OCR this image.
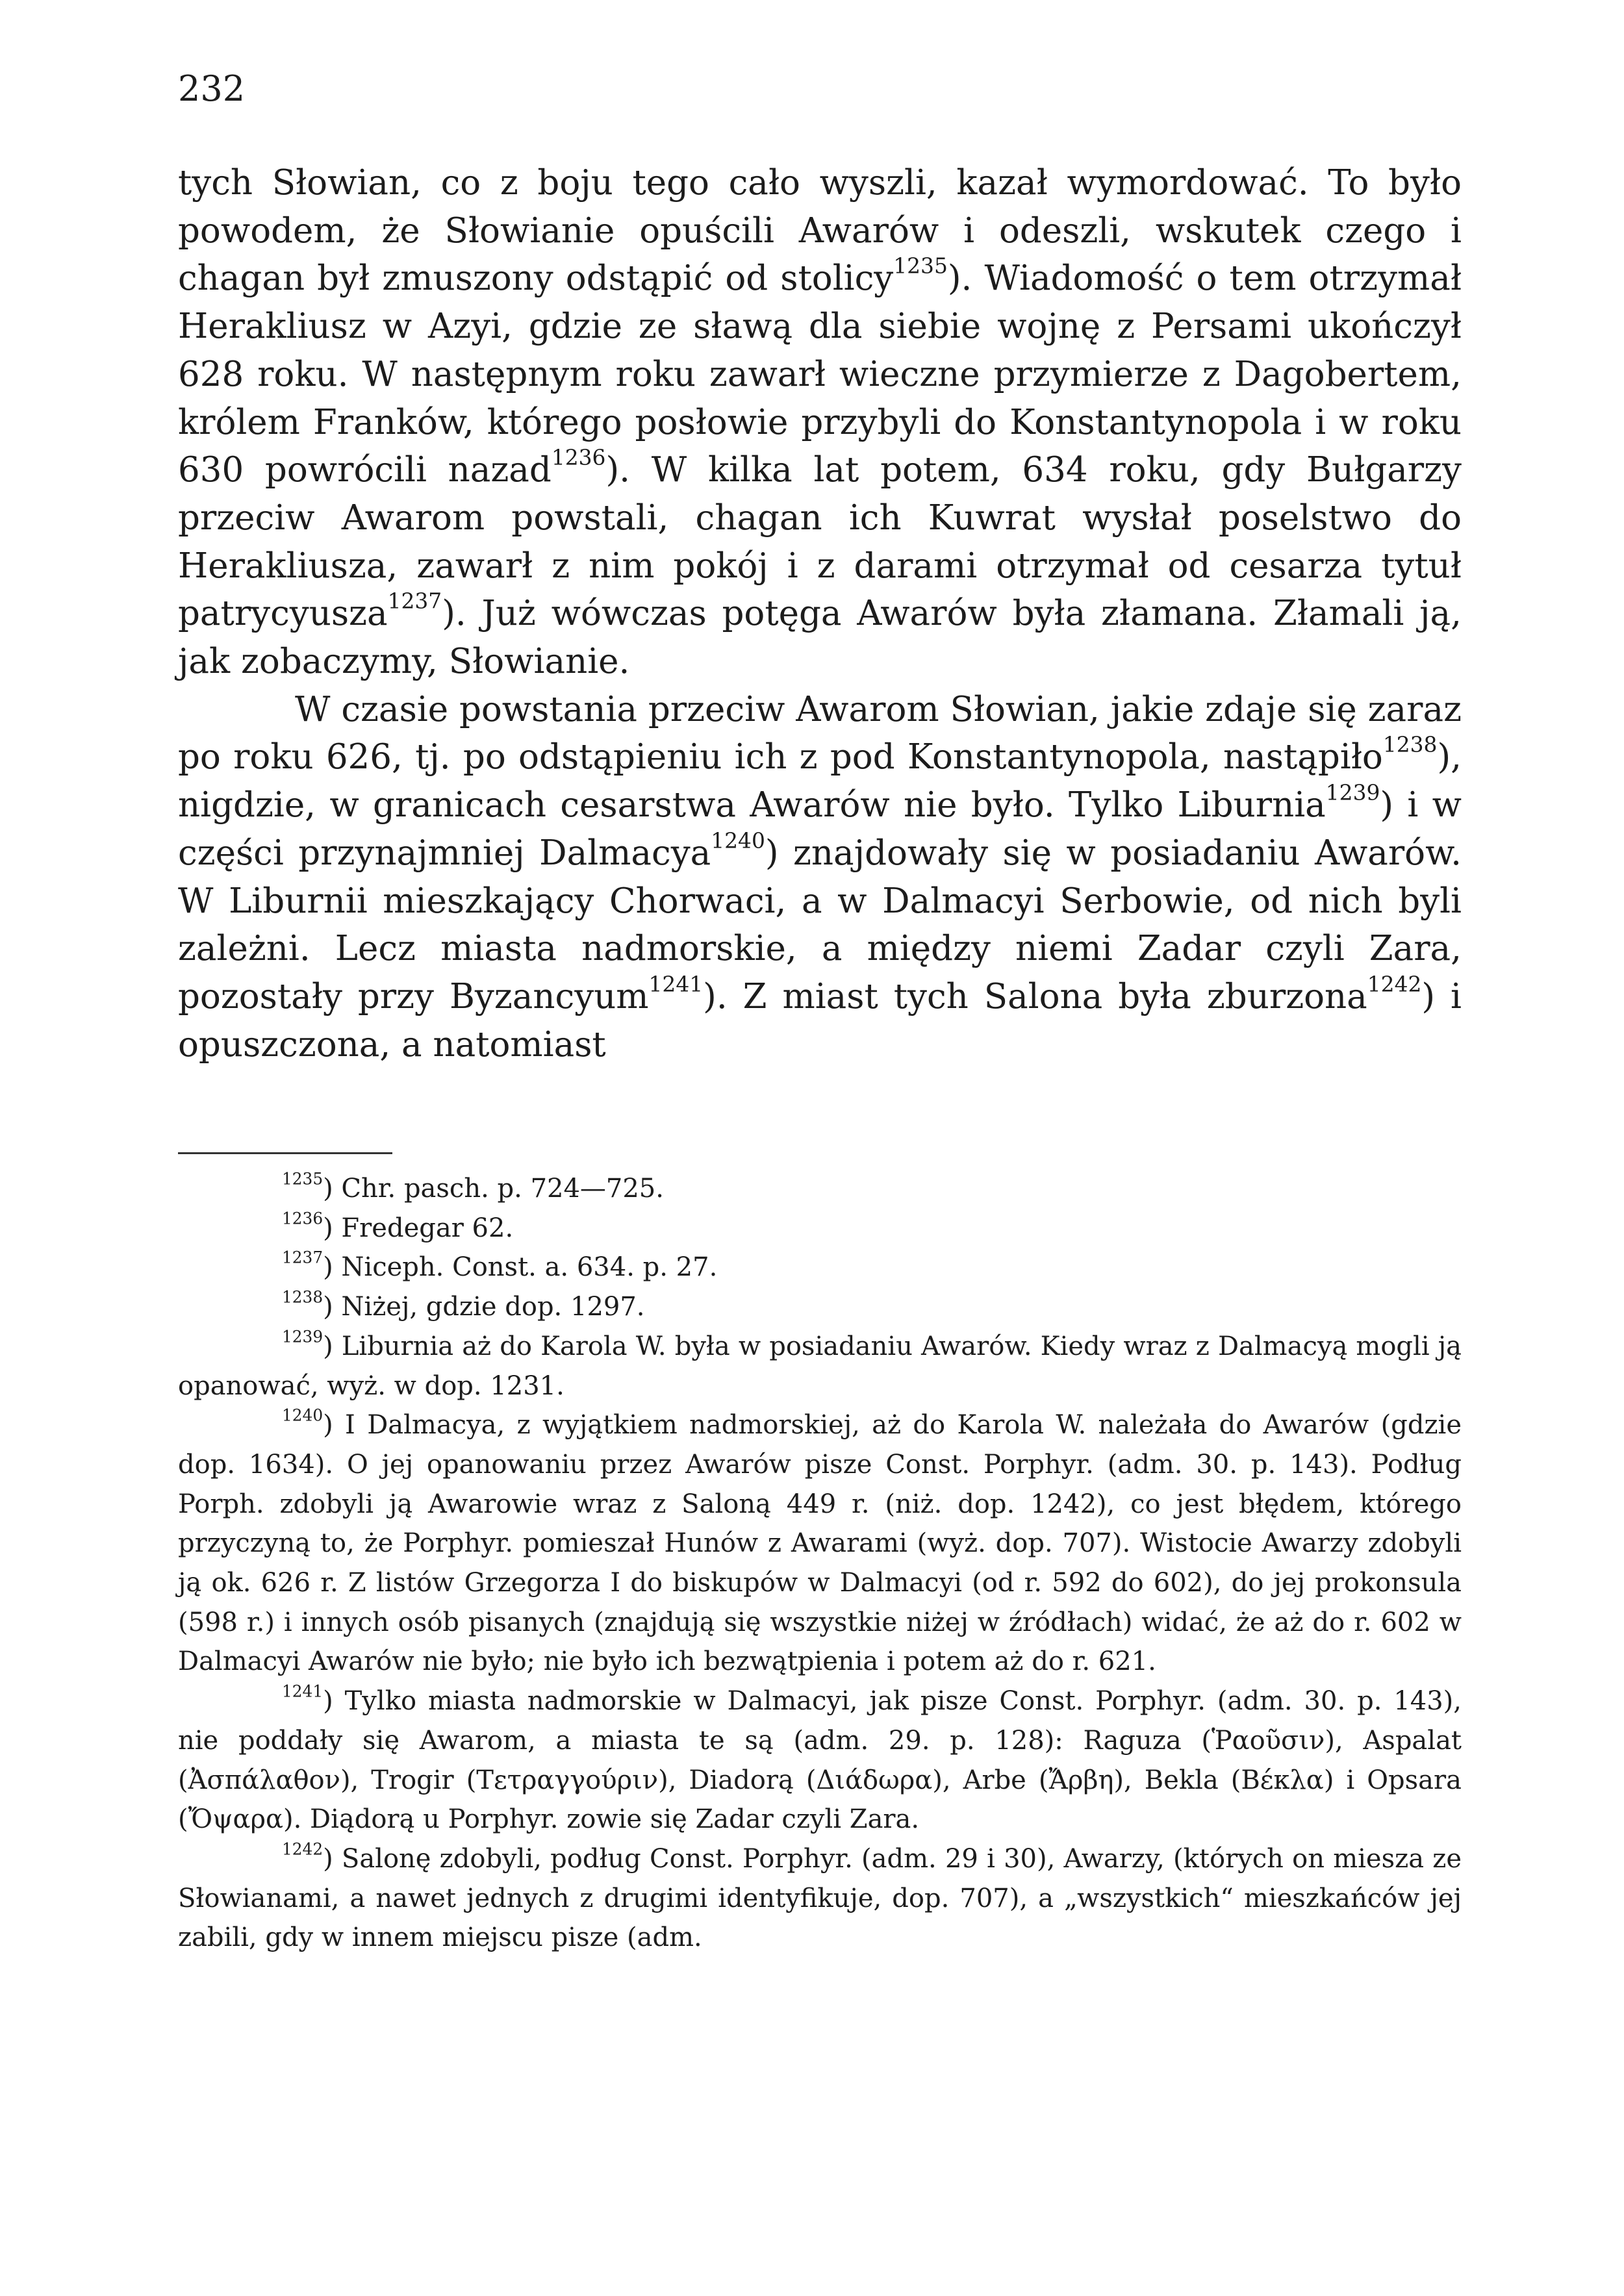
232

tych Słowian, co z boju tego cało wyszli, kazał wymordować. To było powodem, że Słowianie opuścili Awarów i odeszli, wskutek czego i chagan był zmuszony odstąpić od stolicy$^{1235}$). Wiadomość o tem otrzymał Herakliusz w Azyi, gdzie ze sławą dla siebie wojnę z Persami ukończył 628 roku. W następnym roku zawarł wieczne przymierze z Dagobertem, królem Franków, którego posłowie przybyli do Konstantynopola i w roku 630 powrócili nazad$^{1236}$). W kilka lat potem, 634 roku, gdy Bułgarzy przeciw Awarom powstali, chagan ich Kuwrat wysłał poselstwo do Herakliusza, zawarł z nim pokój i z darami otrzymał od cesarza tytuł patrycyusza$^{1237}$). Już wówczas potęga Awarów była złamana. Złamali ją, jak zobaczymy, Słowianie.

W czasie powstania przeciw Awarom Słowian, jakie zdaje się zaraz po roku 626, tj. po odstąpieniu ich z pod Konstantynopola, nastąpiło$^{1238}$), nigdzie, w granicach cesarstwa Awarów nie było. Tylko Liburnia$^{1239}$) i w części przynajmniej Dalmacya$^{1240}$) znajdowały się w posiadaniu Awarów. W Liburnii mieszkający Chorwaci, a w Dalmacyi Serbowie, od nich byli zależni. Lecz miasta nadmorskie, a między niemi Zadar czyli Zara, pozostały przy Byzancyum$^{1241}$). Z miast tych Salona była zburzona$^{1242}$) i opuszczona, a natomiast

$^{1235}$) Chr. pasch. p. 724—725.

$^{1236}$) Fredegar 62.

$^{1237}$) Niceph. Const. a. 634. p. 27.

$^{1238}$) Niżej, gdzie dop. 1297.

$^{1239}$) Liburnia aż do Karola W. była w posiadaniu Awarów. Kiedy wraz z Dalmacyą mogli ją opanować, wyż. w dop. 1231.

$^{1240}$) I Dalmacya, z wyjątkiem nadmorskiej, aż do Karola W. należała do Awarów (gdzie dop. 1634). O jej opanowaniu przez Awarów pisze Const. Porphyr. (adm. 30. p. 143). Podług Porph. zdobyli ją Awarowie wraz z Saloną 449 r. (niż. dop. 1242), co jest błędem, którego przyczyną to, że Porphyr. pomieszał Hunów z Awarami (wyż. dop. 707). Wistocie Awarzy zdobyli ją ok. 626 r. Z listów Grzegorza I do biskupów w Dalmacyi (od r. 592 do 602), do jej prokonsula (598 r.) i innych osób pisanych (znajdują się wszystkie niżej w źródłach) widać, że aż do r. 602 w Dalmacyi Awarów nie było; nie było ich bezwątpienia i potem aż do r. 621.

$^{1241}$) Tylko miasta nadmorskie w Dalmacyi, jak pisze Const. Porphyr. (adm. 30. p. 143), nie poddały się Awarom, a miasta te są (adm. 29. p. 128): Raguza (Ῥαοῦσιν), Aspalat (Ἀσπάλαθον), Trogir (Τετραγγούριν), Diadorą (Διάδωρα), Arbe (Ἄρβη), Bekla (Βέκλα) i Opsara (Ὄψαρα). Diądorą u Porphyr. zowie się Zadar czyli Zara.

$^{1242}$) Salonę zdobyli, podług Const. Porphyr. (adm. 29 i 30), Awarzy, (których on miesza ze Słowianami, a nawet jednych z drugimi identyfikuje, dop. 707), a „wszystkich“ mieszkańców jej zabili, gdy w innem miejscu pisze (adm.
